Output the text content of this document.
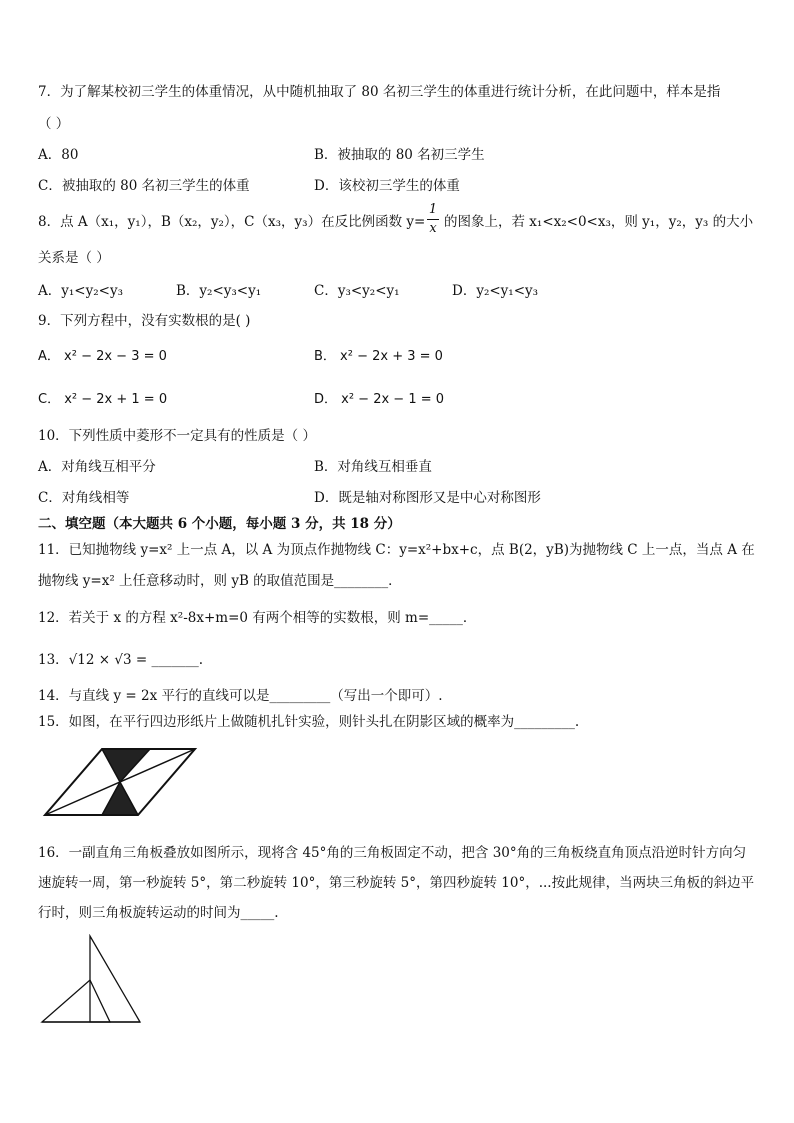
7．为了解某校初三学生的体重情况，从中随机抽取了 80 名初三学生的体重进行统计分析，在此问题中，样本是指
（ ）
A．80	B．被抽取的 80 名初三学生
C．被抽取的 80 名初三学生的体重	D．该校初三学生的体重
8．点 A（x₁，y₁），B（x₂，y₂），C（x₃，y₃）在反比例函数 y=
1
x 的图象上，若 x₁<x₂<0<x₃，则 y₁，y₂，y₃ 的大小
关系是（ ）
A．y₁<y₂<y₃	B．y₂<y₃<y₁	C．y₃<y₂<y₁	D．y₂<y₁<y₃
9．下列方程中，没有实数根的是( )
A． x² − 2x − 3 = 0	B． x² − 2x + 3 = 0
C． x² − 2x + 1 = 0	D． x² − 2x − 1 = 0
10．下列性质中菱形不一定具有的性质是（ ）
A．对角线互相平分	B．对角线互相垂直
C．对角线相等	D．既是轴对称图形又是中心对称图形
二、填空题（本大题共 6 个小题，每小题 3 分，共 18 分）
11．已知抛物线 y=x² 上一点 A，以 A 为顶点作抛物线 C：y=x²+bx+c，点 B(2，yB)为抛物线 C 上一点，当点 A 在
抛物线 y=x² 上任意移动时，则 yB 的取值范围是________．
12．若关于 x 的方程 x²-8x+m=0 有两个相等的实数根，则 m=_____．
13．√12 × √3 = _______.
14．与直线 y = 2x 平行的直线可以是_________（写出一个即可）.
15．如图，在平行四边形纸片上做随机扎针实验，则针头扎在阴影区域的概率为_________.
16．一副直角三角板叠放如图所示，现将含 45°角的三角板固定不动，把含 30°角的三角板绕直角顶点沿逆时针方向匀
速旋转一周，第一秒旋转 5°，第二秒旋转 10°，第三秒旋转 5°，第四秒旋转 10°，...按此规律，当两块三角板的斜边平
行时，则三角板旋转运动的时间为_____.
